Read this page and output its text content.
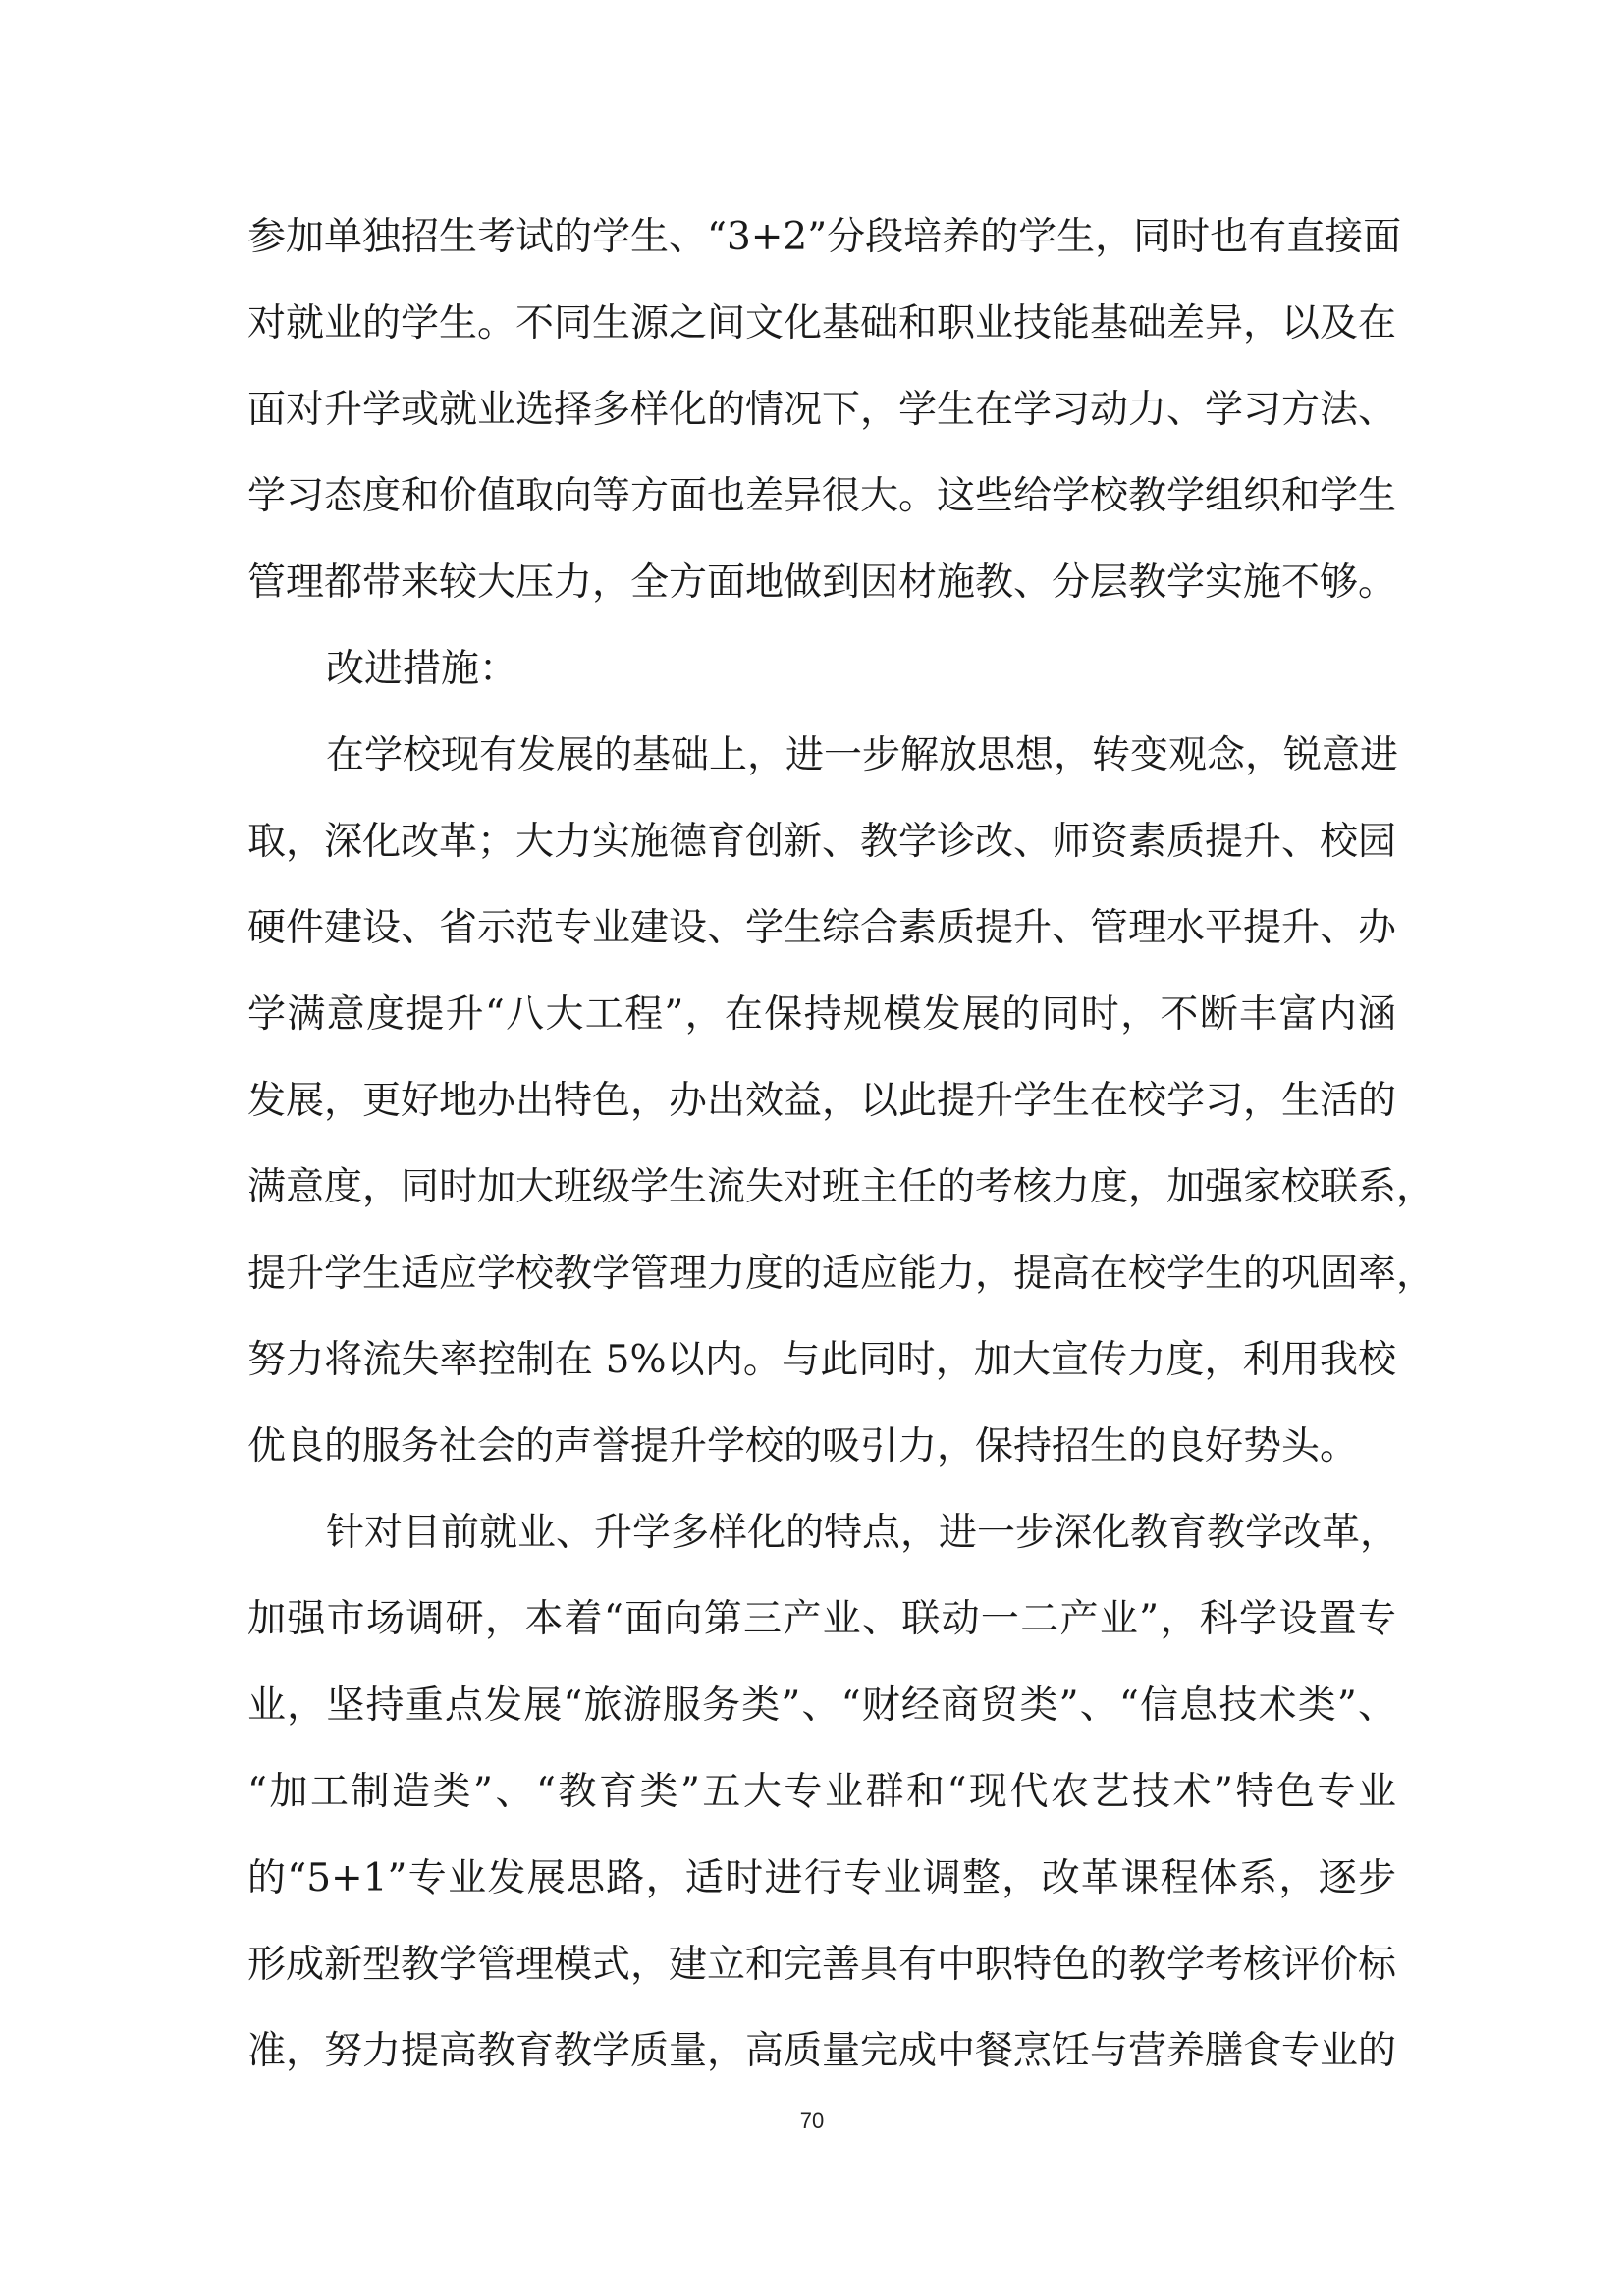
参加单独招生考试的学生、“3+2”分段培养的学生，同时也有直接面
对就业的学生。不同生源之间文化基础和职业技能基础差异，以及在
面对升学或就业选择多样化的情况下，学生在学习动力、学习方法、
学习态度和价值取向等方面也差异很大。这些给学校教学组织和学生
管理都带来较大压力，全方面地做到因材施教、分层教学实施不够。
改进措施：
在学校现有发展的基础上，进一步解放思想，转变观念，锐意进
取，深化改革；大力实施德育创新、教学诊改、师资素质提升、校园
硬件建设、省示范专业建设、学生综合素质提升、管理水平提升、办
学满意度提升“八大工程”，在保持规模发展的同时，不断丰富内涵
发展，更好地办出特色，办出效益，以此提升学生在校学习，生活的
满意度，同时加大班级学生流失对班主任的考核力度，加强家校联系，
提升学生适应学校教学管理力度的适应能力，提高在校学生的巩固率，
努力将流失率控制在 5%以内。与此同时，加大宣传力度，利用我校
优良的服务社会的声誉提升学校的吸引力，保持招生的良好势头。
针对目前就业、升学多样化的特点，进一步深化教育教学改革，
加强市场调研，本着“面向第三产业、联动一二产业”，科学设置专
业，坚持重点发展“旅游服务类”、“财经商贸类”、“信息技术类”、
“加工制造类”、“教育类”五大专业群和“现代农艺技术”特色专业
的“5+1”专业发展思路，适时进行专业调整，改革课程体系，逐步
形成新型教学管理模式，建立和完善具有中职特色的教学考核评价标
准，努力提高教育教学质量，高质量完成中餐烹饪与营养膳食专业的
70
